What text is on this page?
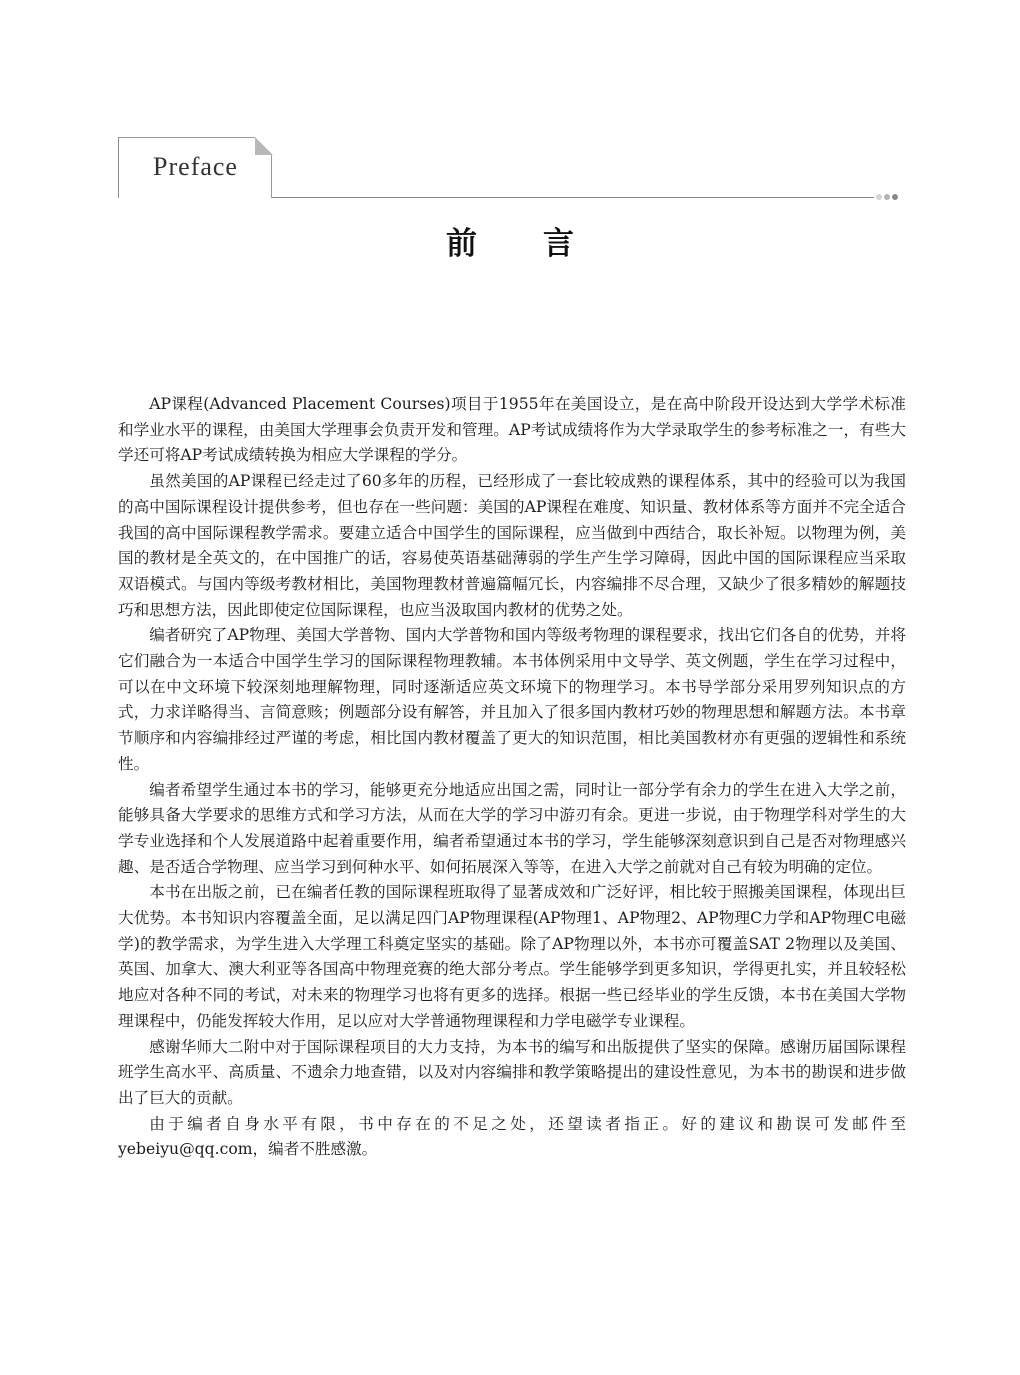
Preface
前言

AP课程(Advanced Placement Courses)项目于1955年在美国设立，是在高中阶段开设达到大学学术标准和学业水平的课程，由美国大学理事会负责开发和管理。AP考试成绩将作为大学录取学生的参考标准之一，有些大学还可将AP考试成绩转换为相应大学课程的学分。

虽然美国的AP课程已经走过了60多年的历程，已经形成了一套比较成熟的课程体系，其中的经验可以为我国的高中国际课程设计提供参考，但也存在一些问题：美国的AP课程在难度、知识量、教材体系等方面并不完全适合我国的高中国际课程教学需求。要建立适合中国学生的国际课程，应当做到中西结合，取长补短。以物理为例，美国的教材是全英文的，在中国推广的话，容易使英语基础薄弱的学生产生学习障碍，因此中国的国际课程应当采取双语模式。与国内等级考教材相比，美国物理教材普遍篇幅冗长，内容编排不尽合理，又缺少了很多精妙的解题技巧和思想方法，因此即使定位国际课程，也应当汲取国内教材的优势之处。

编者研究了AP物理、美国大学普物、国内大学普物和国内等级考物理的课程要求，找出它们各自的优势，并将它们融合为一本适合中国学生学习的国际课程物理教辅。本书体例采用中文导学、英文例题，学生在学习过程中，可以在中文环境下较深刻地理解物理，同时逐渐适应英文环境下的物理学习。本书导学部分采用罗列知识点的方式，力求详略得当、言简意赅；例题部分设有解答，并且加入了很多国内教材巧妙的物理思想和解题方法。本书章节顺序和内容编排经过严谨的考虑，相比国内教材覆盖了更大的知识范围，相比美国教材亦有更强的逻辑性和系统性。

编者希望学生通过本书的学习，能够更充分地适应出国之需，同时让一部分学有余力的学生在进入大学之前，能够具备大学要求的思维方式和学习方法，从而在大学的学习中游刃有余。更进一步说，由于物理学科对学生的大学专业选择和个人发展道路中起着重要作用，编者希望通过本书的学习，学生能够深刻意识到自己是否对物理感兴趣、是否适合学物理、应当学习到何种水平、如何拓展深入等等，在进入大学之前就对自己有较为明确的定位。

本书在出版之前，已在编者任教的国际课程班取得了显著成效和广泛好评，相比较于照搬美国课程，体现出巨大优势。本书知识内容覆盖全面，足以满足四门AP物理课程(AP物理1、AP物理2、AP物理C力学和AP物理C电磁学)的教学需求，为学生进入大学理工科奠定坚实的基础。除了AP物理以外，本书亦可覆盖SAT 2物理以及美国、英国、加拿大、澳大利亚等各国高中物理竞赛的绝大部分考点。学生能够学到更多知识，学得更扎实，并且较轻松地应对各种不同的考试，对未来的物理学习也将有更多的选择。根据一些已经毕业的学生反馈，本书在美国大学物理课程中，仍能发挥较大作用，足以应对大学普通物理课程和力学电磁学专业课程。

感谢华师大二附中对于国际课程项目的大力支持，为本书的编写和出版提供了坚实的保障。感谢历届国际课程班学生高水平、高质量、不遗余力地查错，以及对内容编排和教学策略提出的建设性意见，为本书的勘误和进步做出了巨大的贡献。

由于编者自身水平有限，书中存在的不足之处，还望读者指正。好的建议和勘误可发邮件至yebeiyu@qq.com，编者不胜感激。
